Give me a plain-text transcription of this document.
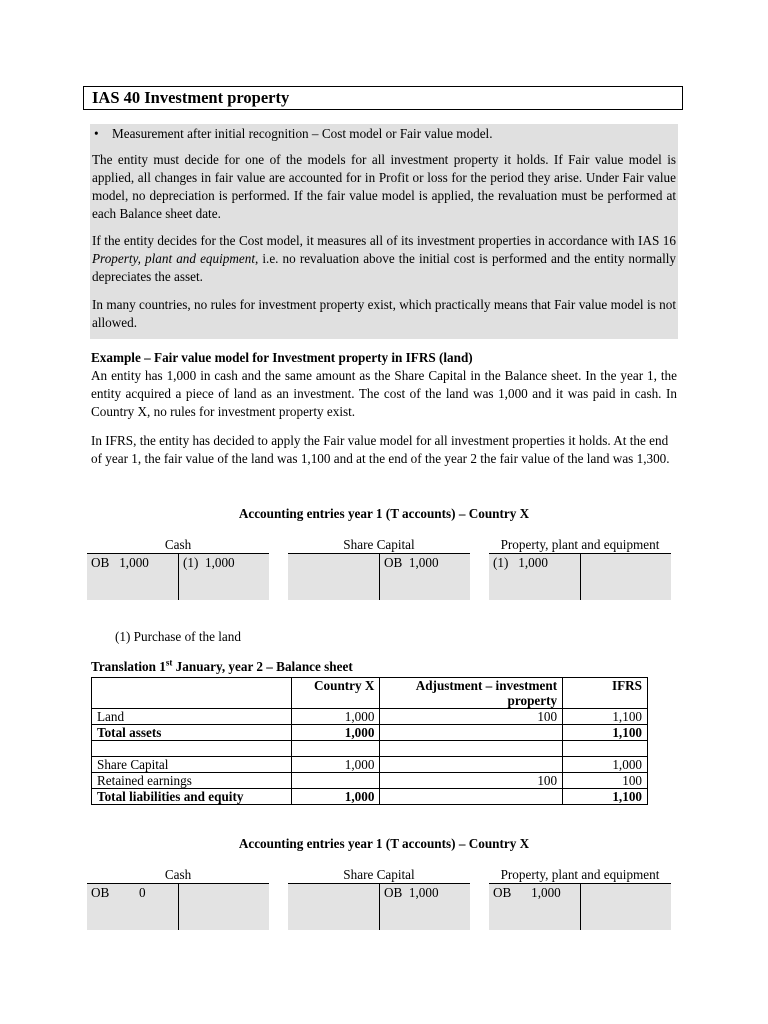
IAS 40 Investment property

• Measurement after initial recognition – Cost model or Fair value model.

The entity must decide for one of the models for all investment property it holds. If Fair value model is applied, all changes in fair value are accounted for in Profit or loss for the period they arise. Under Fair value model, no depreciation is performed. If the fair value model is applied, the revaluation must be performed at each Balance sheet date.

If the entity decides for the Cost model, it measures all of its investment properties in accordance with IAS 16 Property, plant and equipment, i.e. no revaluation above the initial cost is performed and the entity normally depreciates the asset.

In many countries, no rules for investment property exist, which practically means that Fair value model is not allowed.

Example – Fair value model for Investment property in IFRS (land)
An entity has 1,000 in cash and the same amount as the Share Capital in the Balance sheet. In the year 1, the entity acquired a piece of land as an investment. The cost of the land was 1,000 and it was paid in cash. In Country X, no rules for investment property exist.
In IFRS, the entity has decided to apply the Fair value model for all investment properties it holds. At the end of year 1, the fair value of the land was 1,100 and at the end of the year 2 the fair value of the land was 1,300.
Accounting entries year 1 (T accounts) – Country X
Cash
OB   1,000	(1)  1,000
Share Capital
OB  1,000
Property, plant and equipment
(1)   1,000
(1) Purchase of the land
Translation 1st January, year 2 – Balance sheet
	Country X	Adjustment – investment property	IFRS
Land	1,000	100	1,100
Total assets	1,000		1,100

Share Capital	1,000		1,000
Retained earnings		100	100
Total liabilities and equity	1,000		1,100
Accounting entries year 1 (T accounts) – Country X
Cash
OB         0
Share Capital
OB  1,000
Property, plant and equipment
OB      1,000
